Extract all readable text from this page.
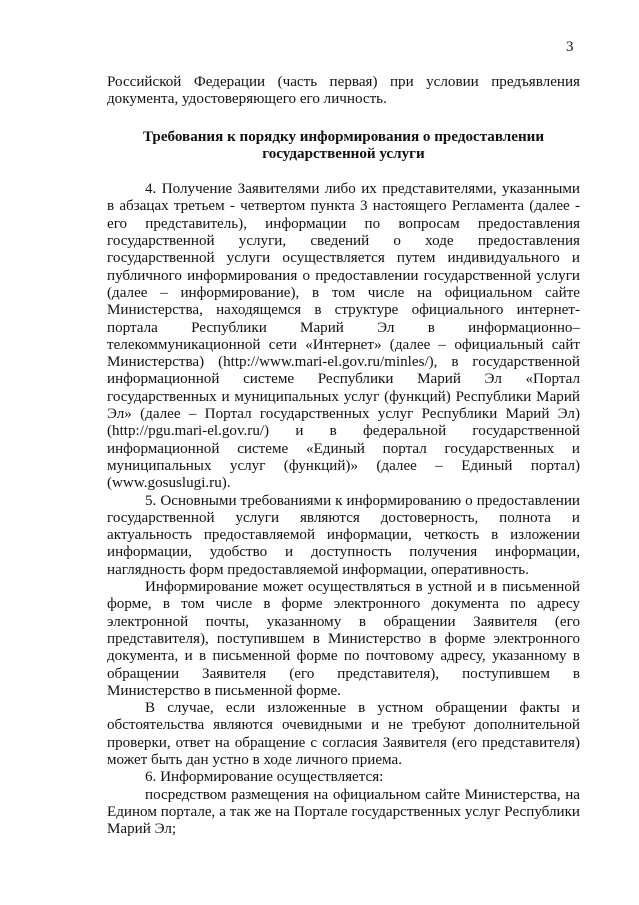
3

Российской Федерации (часть первая) при условии предъявления документа, удостоверяющего его личность.

Требования к порядку информирования о предоставлении
государственной услуги

4. Получение Заявителями либо их представителями, указанными в абзацах третьем - четвертом пункта 3 настоящего Регламента (далее - его представитель), информации по вопросам предоставления государственной услуги, сведений о ходе предоставления государственной услуги осуществляется путем индивидуального и публичного информирования о предоставлении государственной услуги (далее – информирование), в том числе на официальном сайте Министерства, находящемся в структуре официального интернет-портала Республики Марий Эл в информационно–телекоммуникационной сети «Интернет» (далее – официальный сайт Министерства) (http://www.mari-el.gov.ru/minles/), в государственной информационной системе Республики Марий Эл «Портал государственных и муниципальных услуг (функций) Республики Марий Эл» (далее – Портал государственных услуг Республики Марий Эл) (http://pgu.mari-el.gov.ru/) и в федеральной государственной информационной системе «Единый портал государственных и муниципальных услуг (функций)» (далее – Единый портал) (www.gosuslugi.ru).

5. Основными требованиями к информированию о предоставлении государственной услуги являются достоверность, полнота и актуальность предоставляемой информации, четкость в изложении информации, удобство и доступность получения информации, наглядность форм предоставляемой информации, оперативность.

Информирование может осуществляться в устной и в письменной форме, в том числе в форме электронного документа по адресу электронной почты, указанному в обращении Заявителя (его представителя), поступившем в Министерство в форме электронного документа, и в письменной форме по почтовому адресу, указанному в обращении Заявителя (его представителя), поступившем в Министерство в письменной форме.

В случае, если изложенные в устном обращении факты и обстоятельства являются очевидными и не требуют дополнительной проверки, ответ на обращение с согласия Заявителя (его представителя) может быть дан устно в ходе личного приема.

6. Информирование осуществляется:

посредством размещения на официальном сайте Министерства, на Едином портале, а так же на Портале государственных услуг Республики Марий Эл;
